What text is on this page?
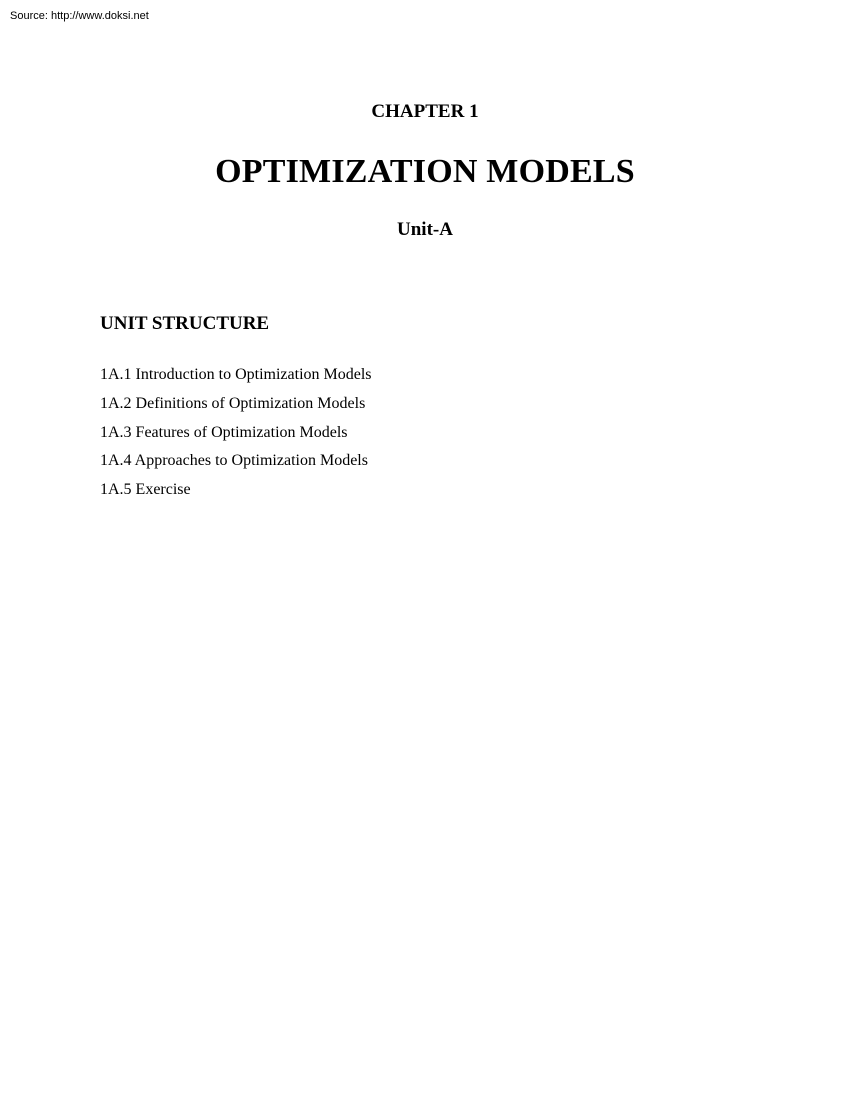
Source: http://www.doksi.net
CHAPTER 1
OPTIMIZATION MODELS
Unit-A
UNIT STRUCTURE
1A.1 Introduction to Optimization Models
1A.2 Definitions of Optimization Models
1A.3 Features of Optimization Models
1A.4 Approaches to Optimization Models
1A.5 Exercise
